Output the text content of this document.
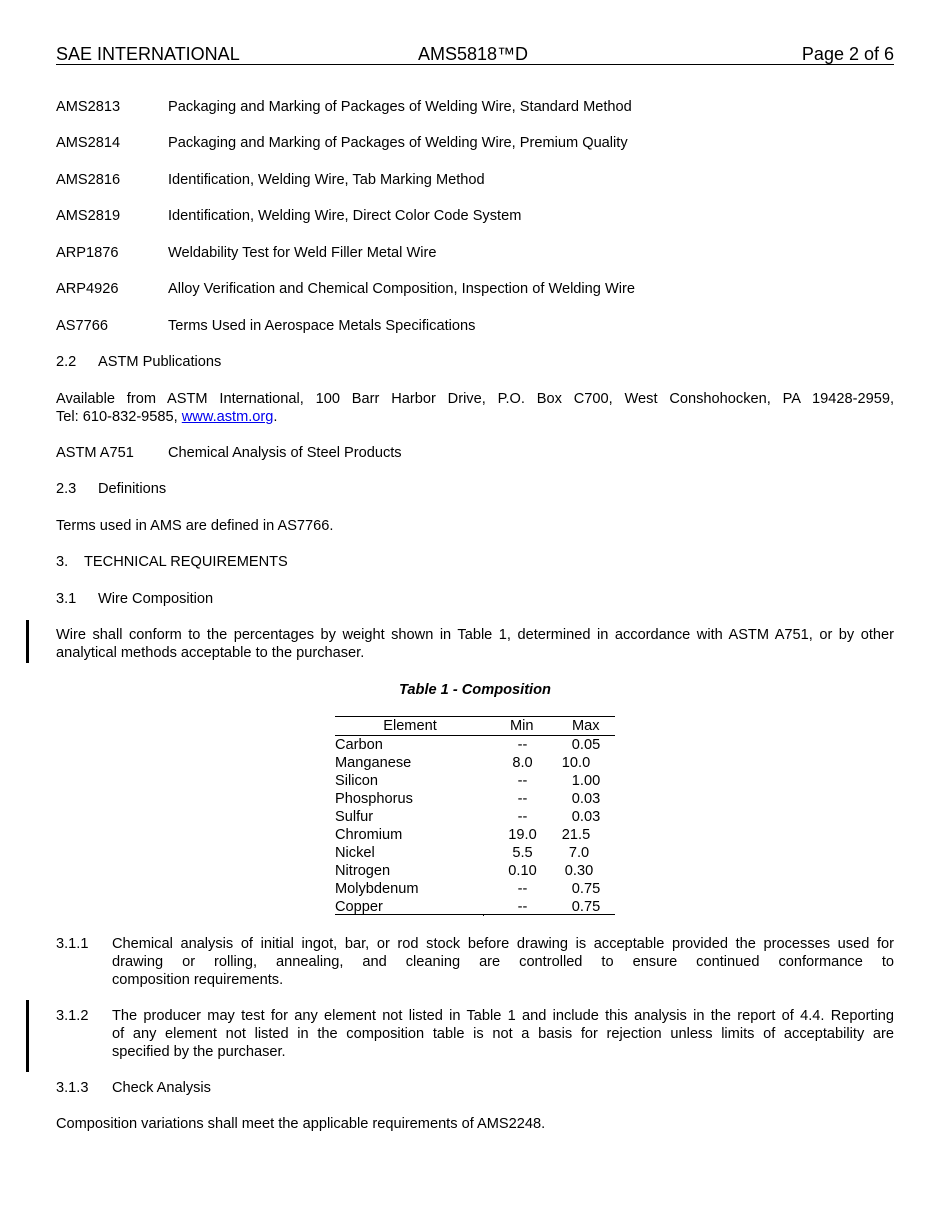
SAE INTERNATIONAL	AMS5818™D	Page 2 of 6
AMS2813	Packaging and Marking of Packages of Welding Wire, Standard Method
AMS2814	Packaging and Marking of Packages of Welding Wire, Premium Quality
AMS2816	Identification, Welding Wire, Tab Marking Method
AMS2819	Identification, Welding Wire, Direct Color Code System
ARP1876	Weldability Test for Weld Filler Metal Wire
ARP4926	Alloy Verification and Chemical Composition, Inspection of Welding Wire
AS7766	Terms Used in Aerospace Metals Specifications
2.2 ASTM Publications
Available from ASTM International, 100 Barr Harbor Drive, P.O. Box C700, West Conshohocken, PA 19428-2959,
Tel: 610-832-9585, www.astm.org.
ASTM A751 Chemical Analysis of Steel Products
2.3 Definitions
Terms used in AMS are defined in AS7766.
3. TECHNICAL REQUIREMENTS
3.1 Wire Composition
Wire shall conform to the percentages by weight shown in Table 1, determined in accordance with ASTM A751, or by other
analytical methods acceptable to the purchaser.
Table 1 - Composition
Element	Min	Max
Carbon	--	0.05
Manganese	8.0	10.0
Silicon	--	1.00
Phosphorus	--	0.03
Sulfur	--	0.03
Chromium	19.0	21.5
Nickel	5.5	7.0
Nitrogen	0.10	0.30
Molybdenum	--	0.75
Copper	--	0.75
3.1.1 Chemical analysis of initial ingot, bar, or rod stock before drawing is acceptable provided the processes used for
drawing or rolling, annealing, and cleaning are controlled to ensure continued conformance to
composition requirements.
3.1.2 The producer may test for any element not listed in Table 1 and include this analysis in the report of 4.4. Reporting
of any element not listed in the composition table is not a basis for rejection unless limits of acceptability are
specified by the purchaser.
3.1.3 Check Analysis
Composition variations shall meet the applicable requirements of AMS2248.
